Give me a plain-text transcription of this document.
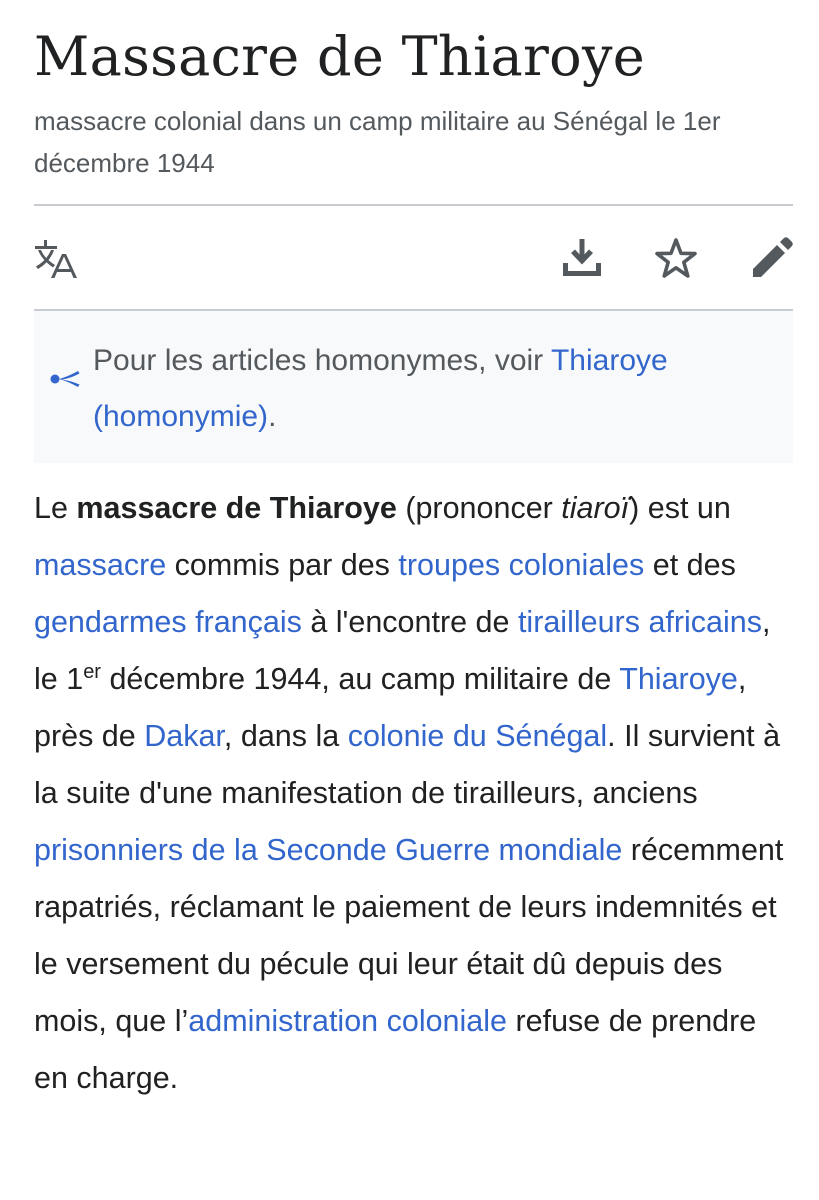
Massacre de Thiaroye
massacre colonial dans un camp militaire au Sénégal le 1er décembre 1944
Pour les articles homonymes, voir Thiaroye (homonymie).

Le massacre de Thiaroye (prononcer tiaroï) est un massacre commis par des troupes coloniales et des gendarmes français à l'encontre de tirailleurs africains, le 1er décembre 1944, au camp militaire de Thiaroye, près de Dakar, dans la colonie du Sénégal. Il survient à la suite d'une manifestation de tirailleurs, anciens prisonniers de la Seconde Guerre mondiale récemment rapatriés, réclamant le paiement de leurs indemnités et le versement du pécule qui leur était dû depuis des mois, que l’administration coloniale refuse de prendre en charge.
